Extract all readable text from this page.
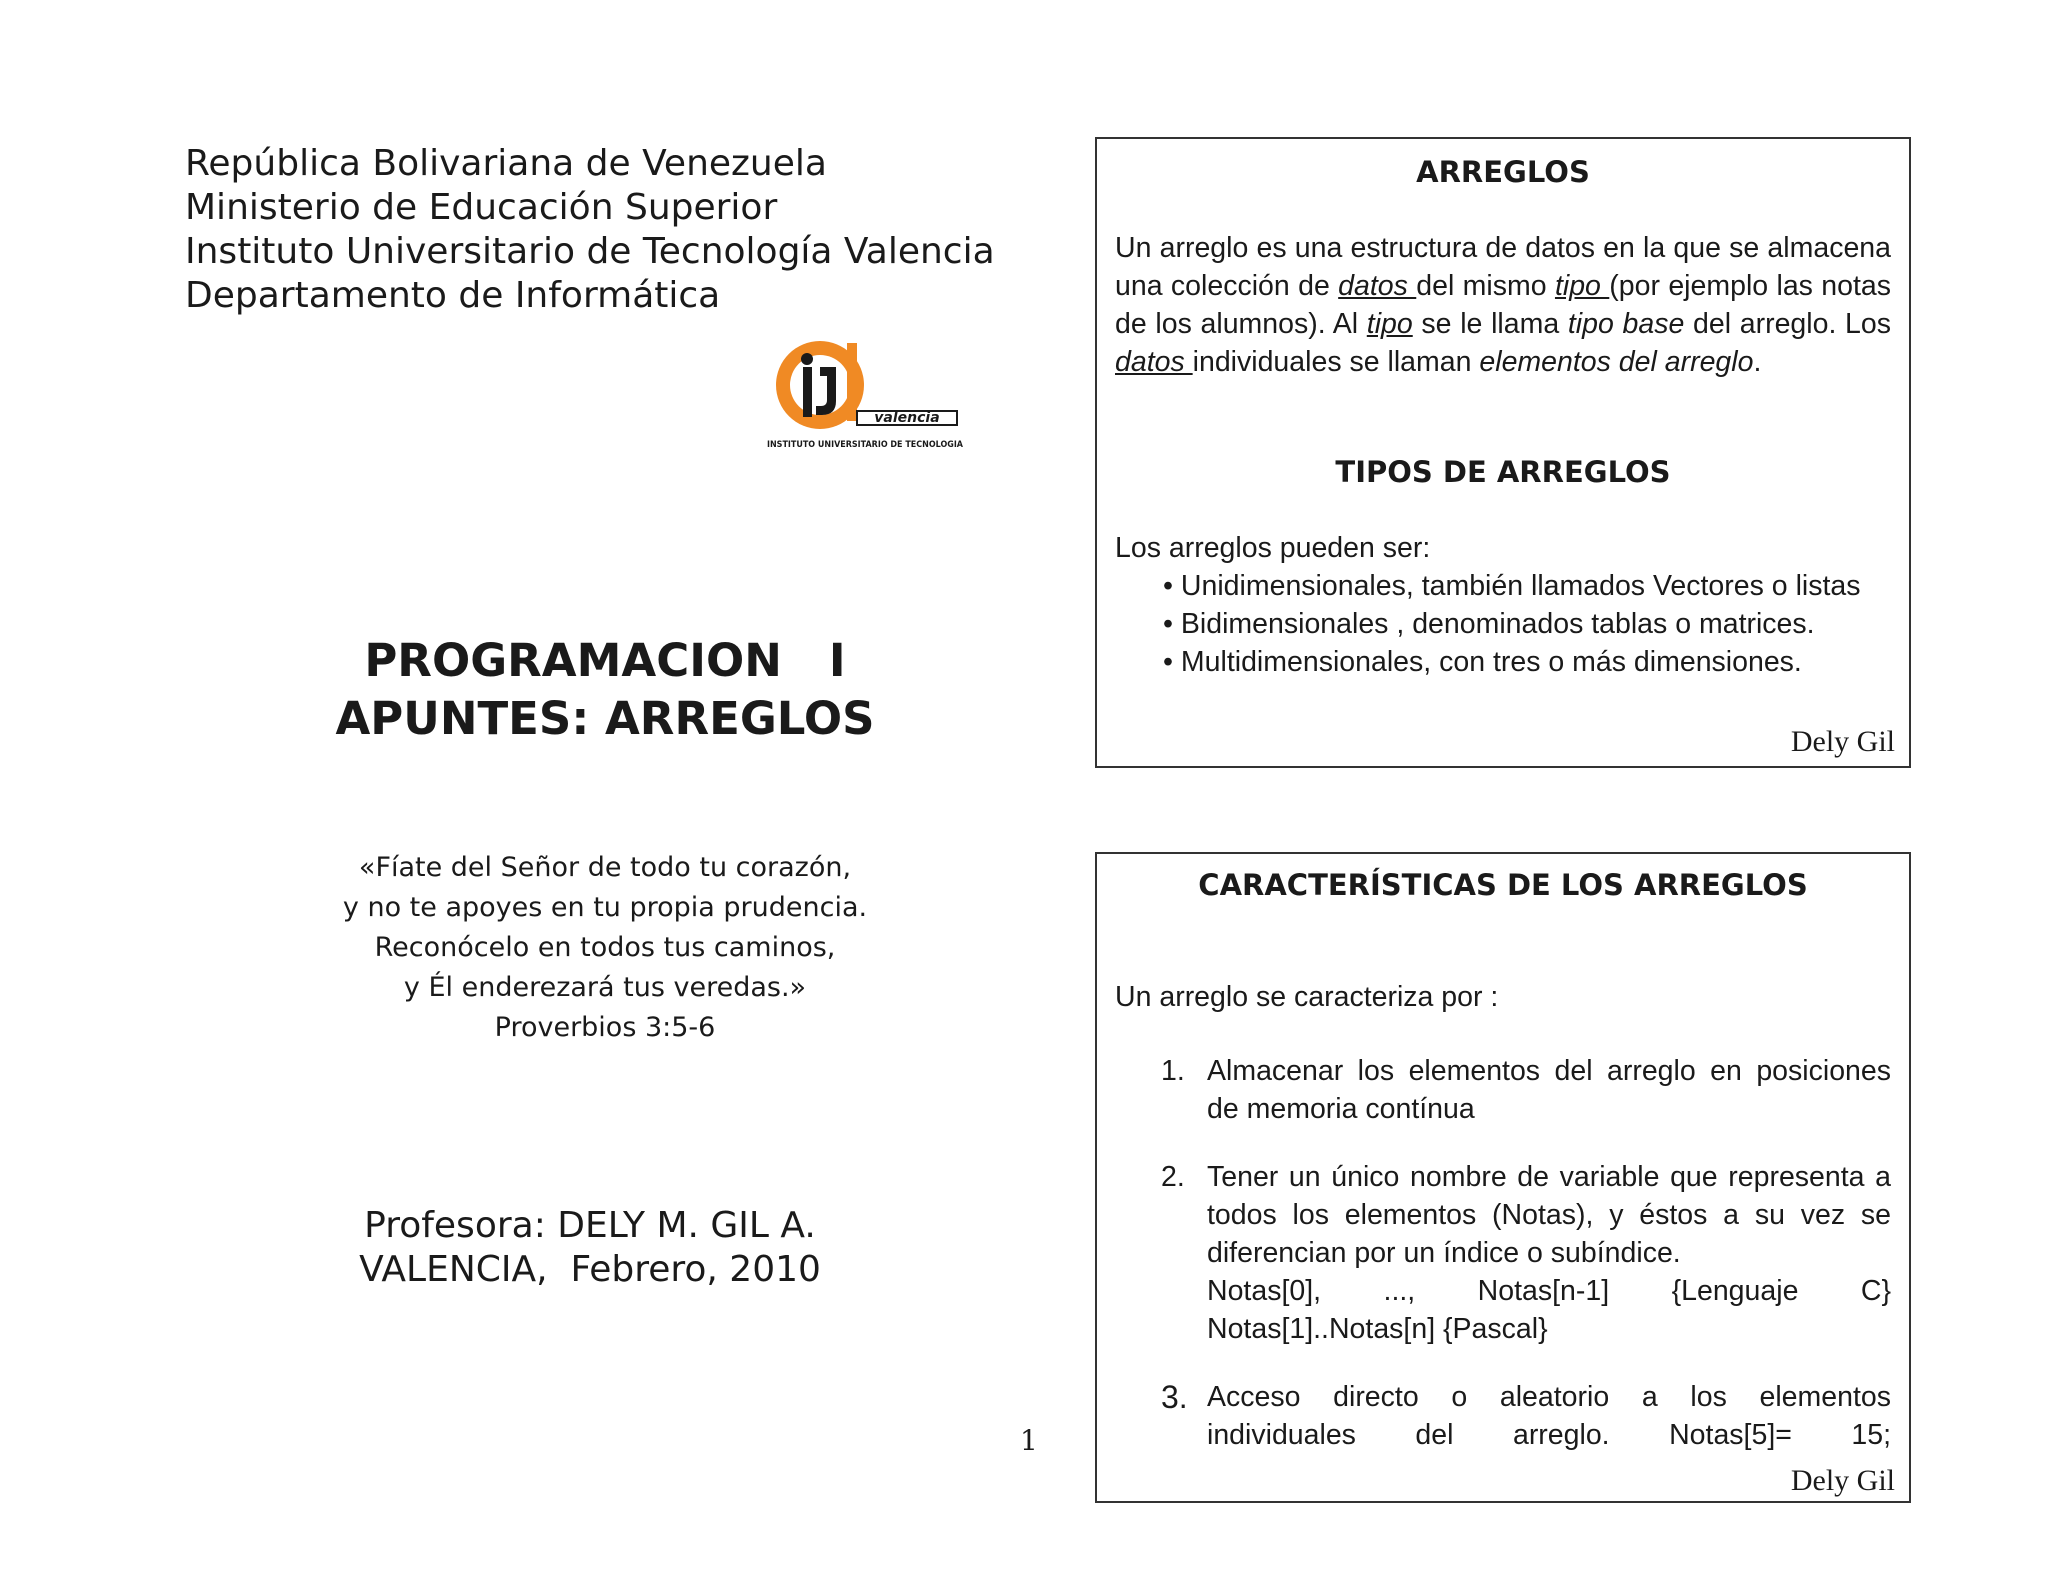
República Bolivariana de Venezuela
Ministerio de Educación Superior
Instituto Universitario de Tecnología Valencia
Departamento de Informática
valencia
INSTITUTO UNIVERSITARIO DE TECNOLOGIA
PROGRAMACION   I
APUNTES: ARREGLOS
«Fíate del Señor de todo tu corazón,
y no te apoyes en tu propia prudencia.
Reconócelo en todos tus caminos,
y Él enderezará tus veredas.»
Proverbios 3:5-6
Profesora: DELY M. GIL A.
VALENCIA,  Febrero, 2010
1
ARREGLOS

Un arreglo es una estructura de datos en la que se almacena una colección de datos del mismo tipo (por ejemplo las notas de los alumnos). Al tipo se le llama tipo base del arreglo. Los datos individuales se llaman elementos del arreglo.

TIPOS DE ARREGLOS
Los arreglos pueden ser:
• Unidimensionales, también llamados Vectores o listas
• Bidimensionales , denominados tablas o matrices.
• Multidimensionales, con tres o más dimensiones.
Dely Gil
CARACTERÍSTICAS DE LOS ARREGLOS
Un arreglo se caracteriza por :
1. Almacenar los elementos del arreglo en posiciones de memoria contínua
2. Tener un único nombre de variable que representa a todos los elementos (Notas), y éstos a su vez se diferencian por un índice o subíndice.
Notas[0], ..., Notas[n-1] {Lenguaje C}
Notas[1]..Notas[n] {Pascal}
3. Acceso directo o aleatorio a los elementos individuales del arreglo. Notas[5]= 15;
Dely Gil
